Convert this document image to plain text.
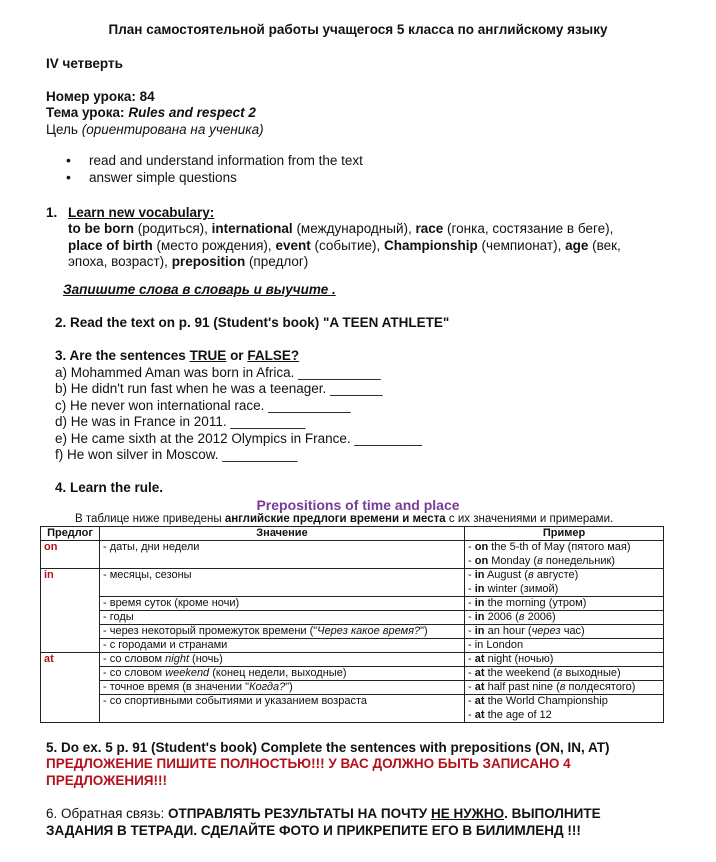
План самостоятельной работы учащегося 5 класса по английскому языку
IV четверть
Номер урока: 84
Тема урока: Rules and respect 2
Цель (ориентирована на ученика)
• read and understand information from the text
• answer simple questions
1. Learn new vocabulary:
to be born (родиться), international (международный), race (гонка, состязание в беге),
place of birth (место рождения), event (событие), Championship (чемпионат), age (век,
эпоха, возраст), preposition (предлог)
Запишите слова в словарь и выучите .
2. Read the text on p. 91 (Student's book) "A TEEN ATHLETE"
3. Are the sentences TRUE or FALSE?
a) Mohammed Aman was born in Africa. ___________
b) He didn't run fast when he was a teenager. _______
c) He never won international race. ___________
d) He was in France in 2011. __________
e) He came sixth at the 2012 Olympics in France. _________
f) He won silver in Moscow. __________
4. Learn the rule.
Prepositions of time and place
В таблице ниже приведены английские предлоги времени и места с их значениями и примерами.
Предлог	Значение	Пример
on	- даты, дни недели	- on the 5-th of May (пятого мая)
- on Monday (в понедельник)

in	- месяцы, сезоны	- in August (в августе)
- in winter (зимой)

	- время суток (кроме ночи)	- in the morning (утром)
	- годы	- in 2006 (в 2006)
	- через некоторый промежуток времени ("Через какое время?")	- in an hour (через час)
	- с городами и странами	- in London
at	- со словом night (ночь)	- at night (ночью)
	- со словом weekend (конец недели, выходные)	- at the weekend (в выходные)
	- точное время (в значении "Когда?")	- at half past nine (в полдесятого)
	- со спортивными событиями и указанием возраста	- at the World Championship
- at the age of 12
5. Do ex. 5 p. 91 (Student's book) Complete the sentences with prepositions (ON, IN, AT)
ПРЕДЛОЖЕНИЕ ПИШИТЕ ПОЛНОСТЬЮ!!! У ВАС ДОЛЖНО БЫТЬ ЗАПИСАНО 4
ПРЕДЛОЖЕНИЯ!!!
6. Обратная связь: ОТПРАВЛЯТЬ РЕЗУЛЬТАТЫ НА ПОЧТУ НЕ НУЖНО. ВЫПОЛНИТЕ
ЗАДАНИЯ В ТЕТРАДИ. СДЕЛАЙТЕ ФОТО И ПРИКРЕПИТЕ ЕГО В БИЛИМЛЕНД !!!
